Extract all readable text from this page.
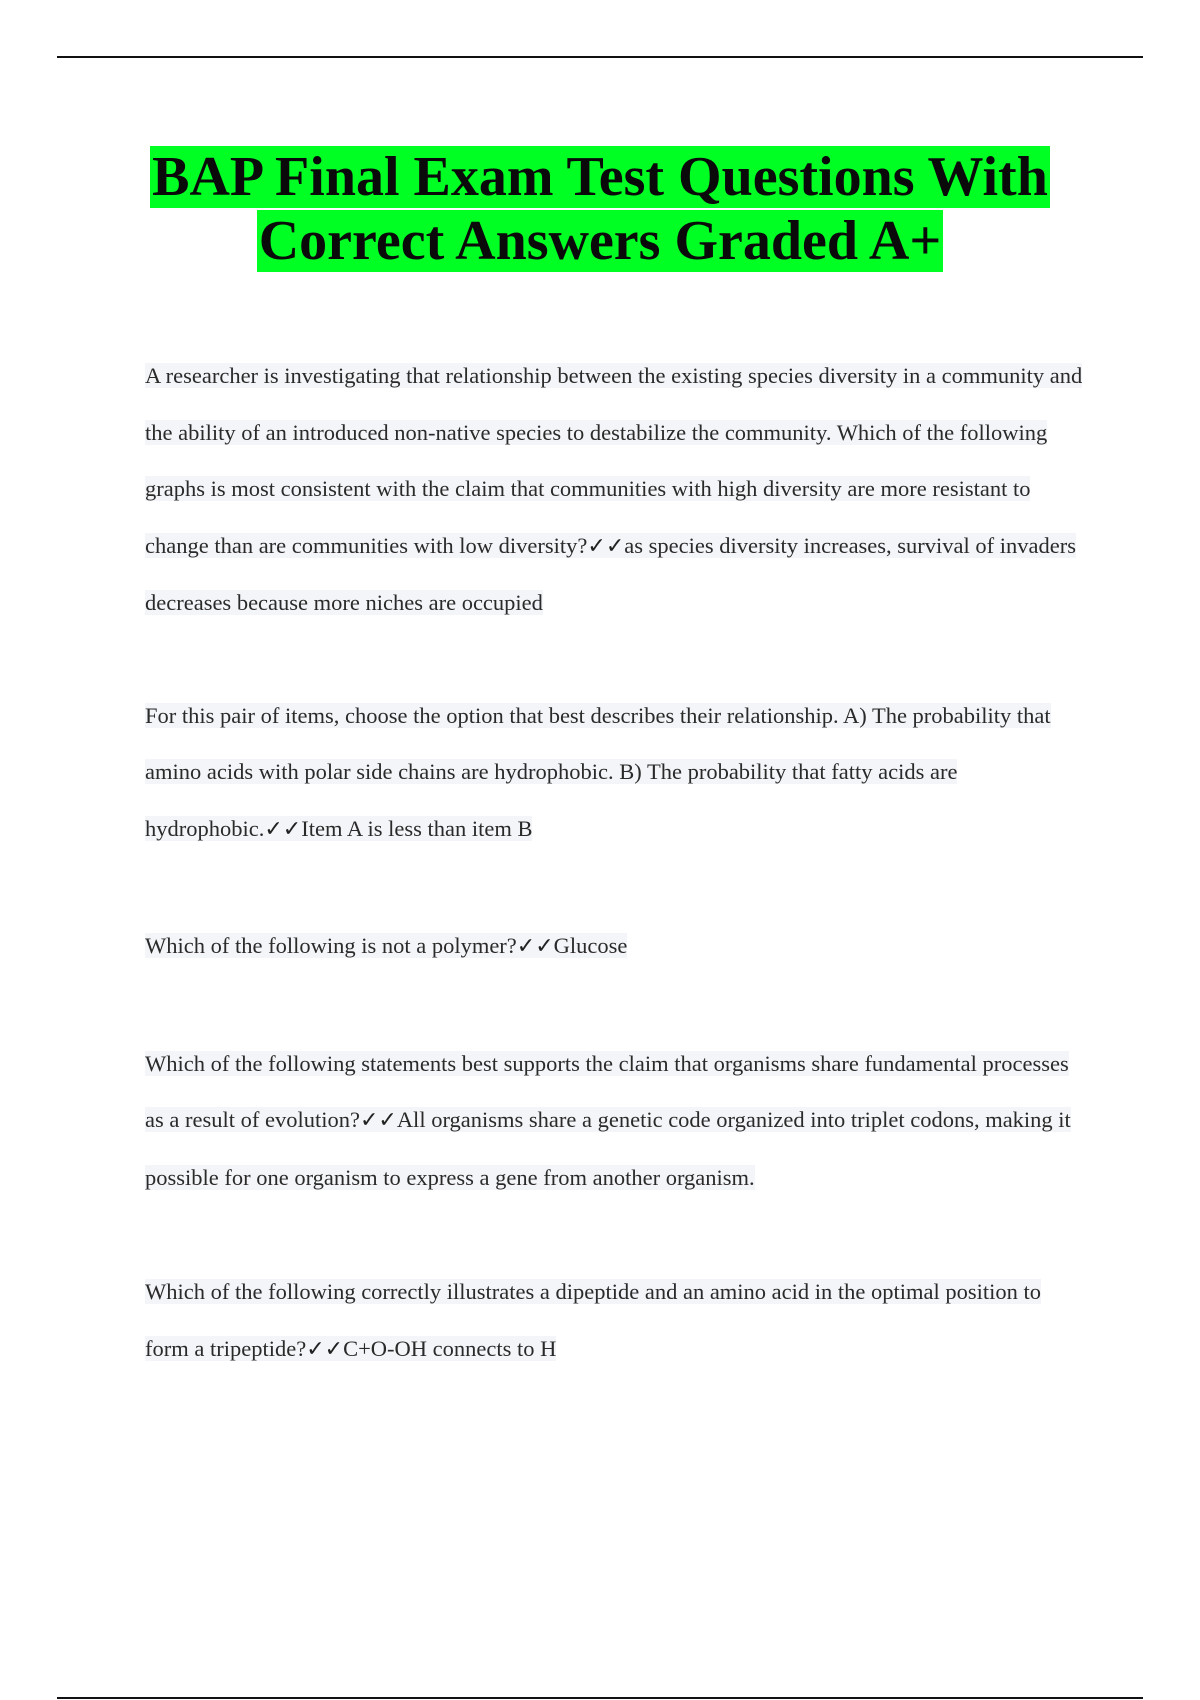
BAP Final Exam Test Questions With
Correct Answers Graded A+

A researcher is investigating that relationship between the existing species diversity in a community and the ability of an introduced non-native species to destabilize the community. Which of the following graphs is most consistent with the claim that communities with high diversity are more resistant to change than are communities with low diversity?✓✓as species diversity increases, survival of invaders decreases because more niches are occupied

For this pair of items, choose the option that best describes their relationship. A) The probability that amino acids with polar side chains are hydrophobic. B) The probability that fatty acids are hydrophobic.✓✓Item A is less than item B

Which of the following is not a polymer?✓✓Glucose

Which of the following statements best supports the claim that organisms share fundamental processes as a result of evolution?✓✓All organisms share a genetic code organized into triplet codons, making it possible for one organism to express a gene from another organism.

Which of the following correctly illustrates a dipeptide and an amino acid in the optimal position to form a tripeptide?✓✓C+O-OH connects to H
